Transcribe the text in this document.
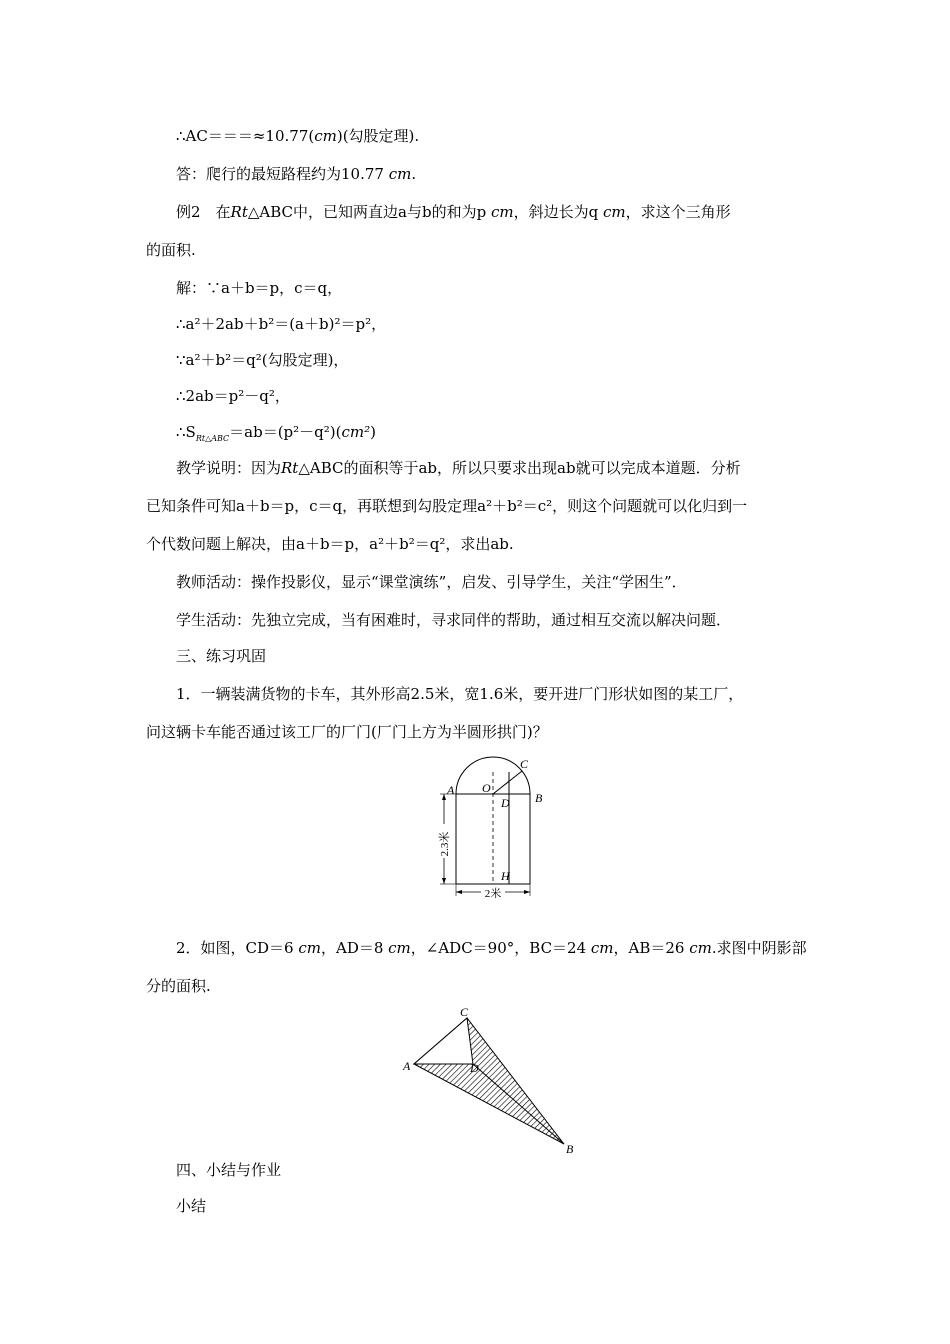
∴AC＝＝＝≈10.77(cm)(勾股定理).
答：爬行的最短路程约为10.77 cm.
例2　在Rt△ABC中，已知两直边a与b的和为p cm，斜边长为q cm，求这个三角形
的面积.
解：∵a＋b＝p，c＝q，
∴a²＋2ab＋b²＝(a＋b)²＝p²，
∵a²＋b²＝q²(勾股定理)，
∴2ab＝p²－q²，
$\therefore S_{Rt\triangle ABC}=ab=(p^2-q^2)(cm^2)$
教学说明：因为Rt△ABC的面积等于ab，所以只要求出现ab就可以完成本道题．分析
已知条件可知a＋b＝p，c＝q，再联想到勾股定理a²＋b²＝c²，则这个问题就可以化归到一
个代数问题上解决，由a＋b＝p，a²＋b²＝q²，求出ab.
教师活动：操作投影仪，显示“课堂演练”，启发、引导学生，关注“学困生”．
学生活动：先独立完成，当有困难时，寻求同伴的帮助，通过相互交流以解决问题．
三、练习巩固
1．一辆装满货物的卡车，其外形高2.5米，宽1.6米，要开进厂门形状如图的某工厂，
问这辆卡车能否通过该工厂的厂门(厂门上方为半圆形拱门)？
2.3米
2米
A O
D B
C
H
2．如图，CD＝6 cm，AD＝8 cm，∠ADC＝90°，BC＝24 cm，AB＝26 cm.求图中阴影部
分的面积.
C
A	D
B
四、小结与作业
小结
